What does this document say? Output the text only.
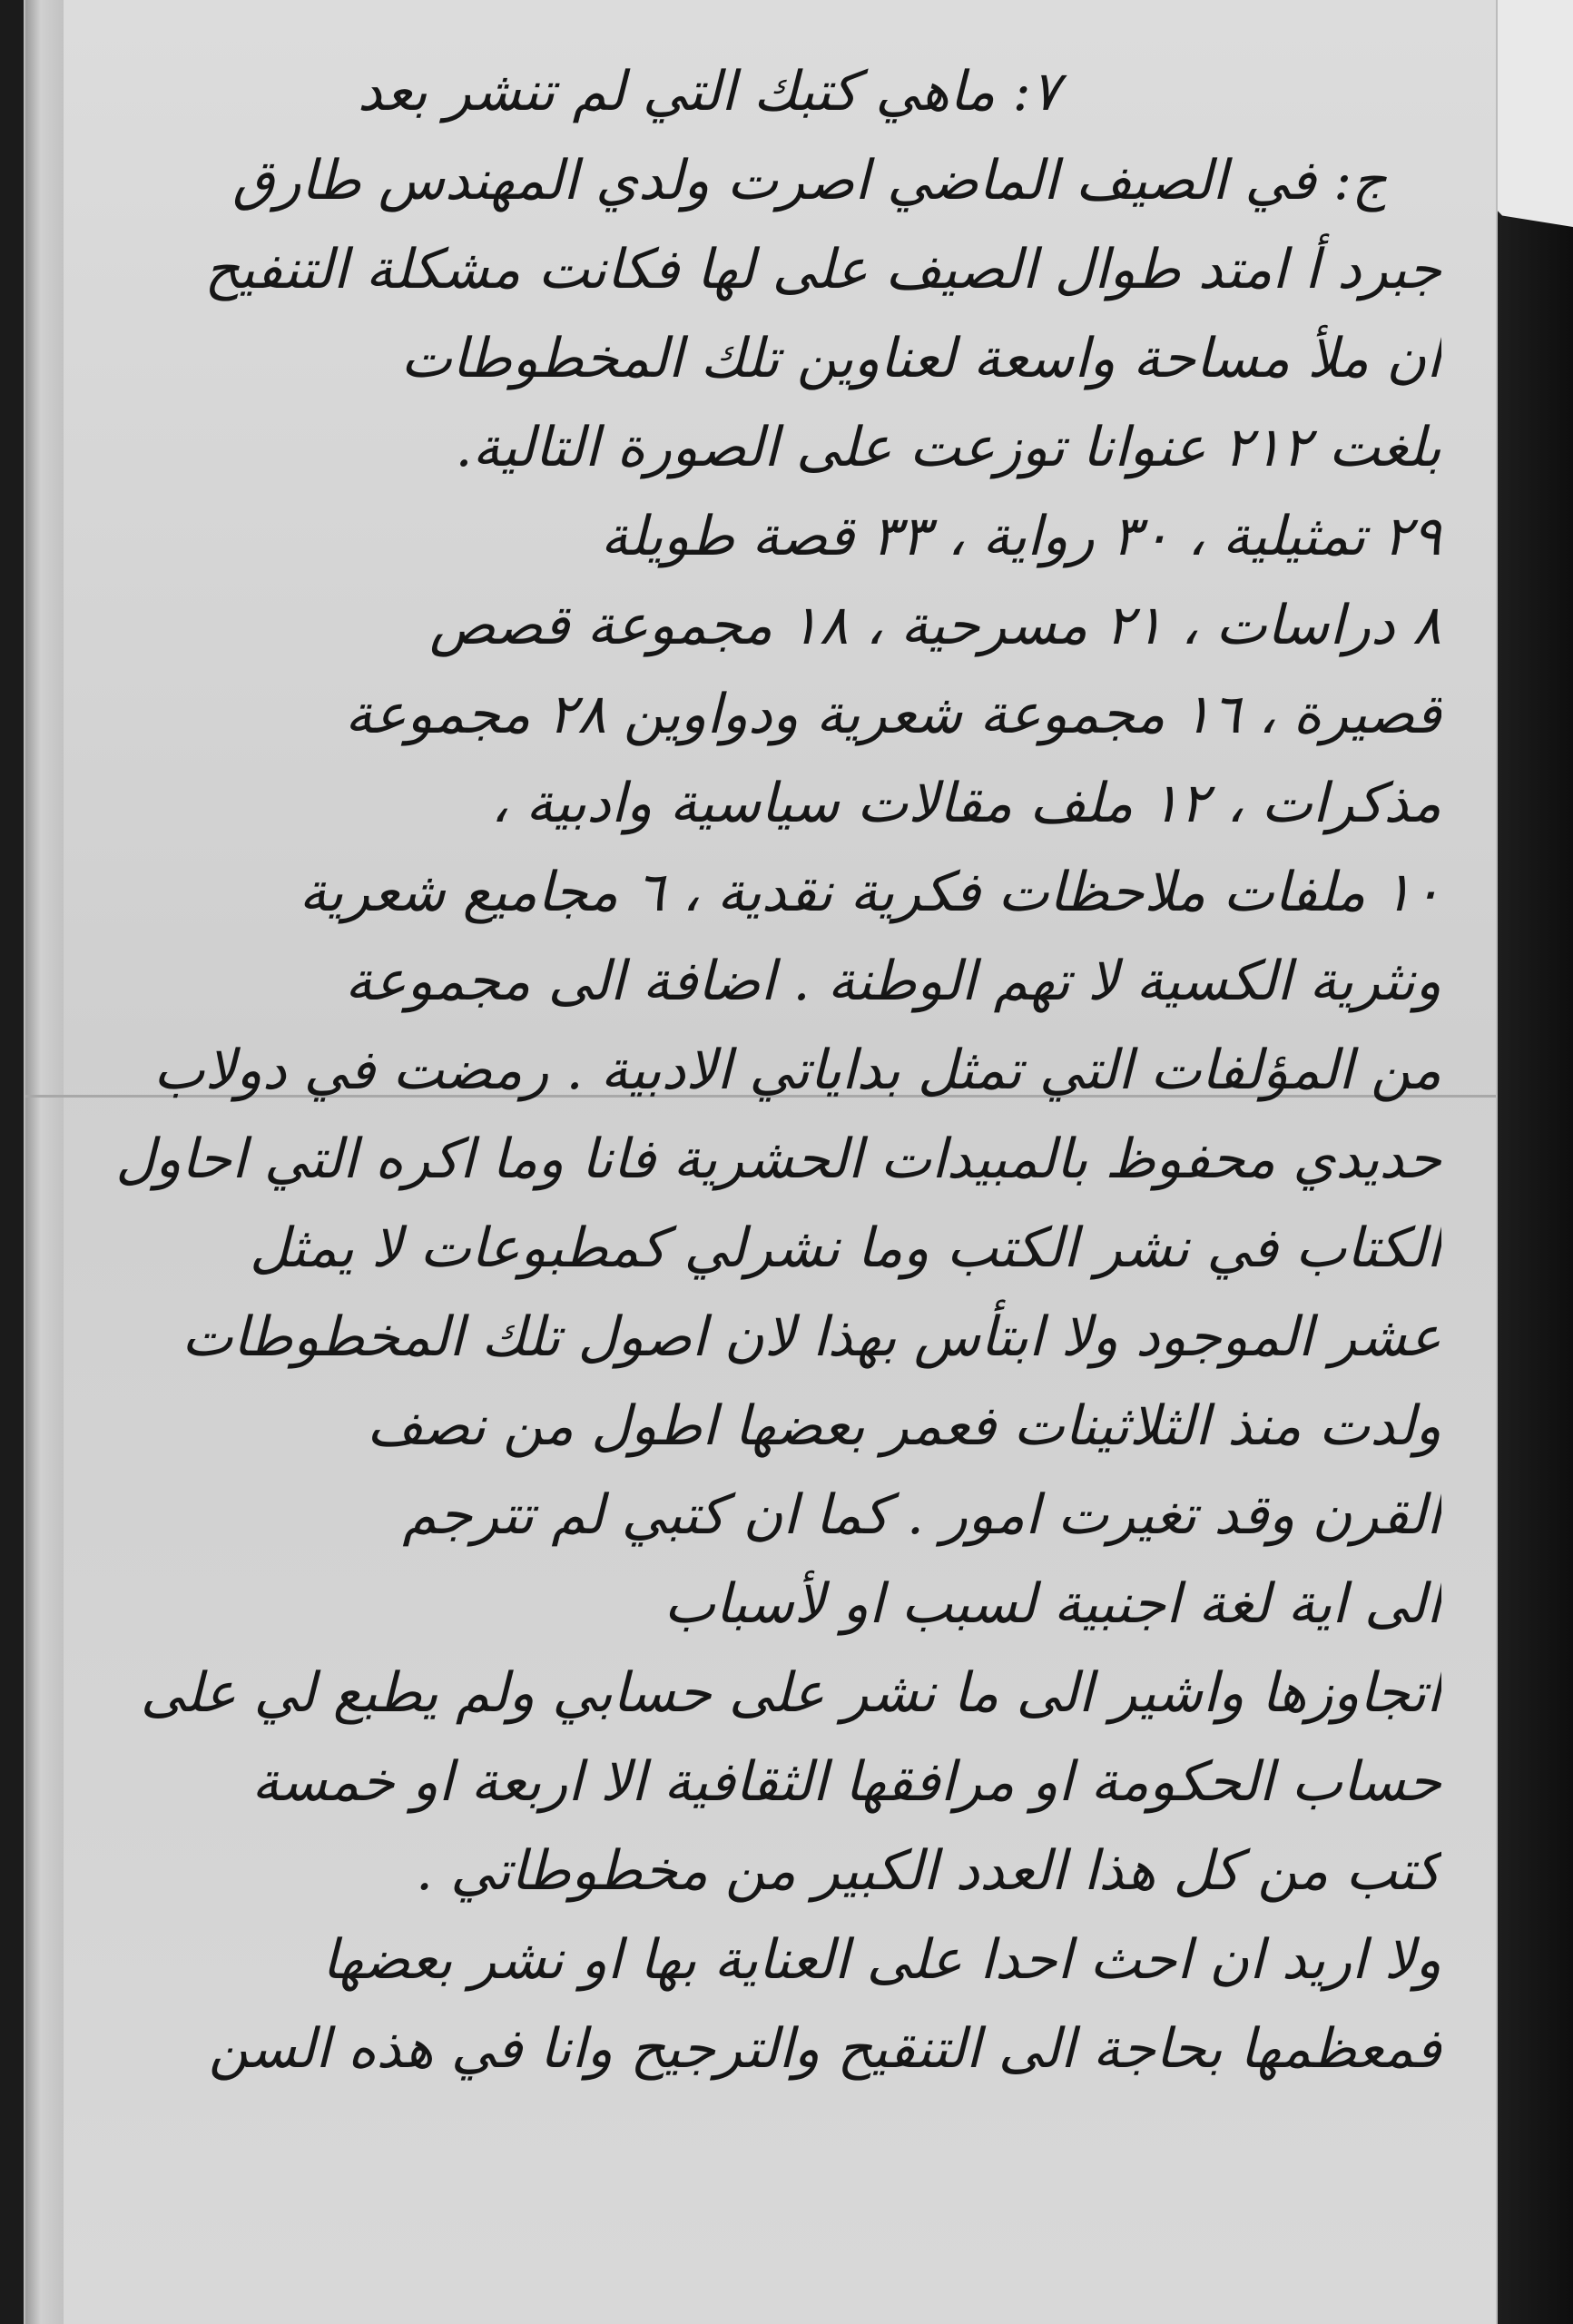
٧: ماهي كتبك التي لم تنشر بعد
ج: في الصيف الماضي اصرت ولدي المهندس طارق
جبرد أ امتد طوال الصيف على لها فكانت مشكلة التنفيح
ان ملأ مساحة واسعة لعناوين تلك المخطوطات
بلغت ٢١٢ عنوانا توزعت على الصورة التالية.
٢٩ تمثيلية ، ٣٠ رواية ، ٣٣ قصة طويلة
٨ دراسات ، ٢١ مسرحية ، ١٨ مجموعة قصص
قصيرة ، ١٦ مجموعة شعرية ودواوين ٢٨ مجموعة
مذكرات ، ١٢ ملف مقالات سياسية وادبية ،
١٠ ملفات ملاحظات فكرية نقدية ، ٦ مجاميع شعرية
ونثرية الكسية لا تهم الوطنة . اضافة الى مجموعة
من المؤلفات التي تمثل بداياتي الادبية . رمضت في دولاب
حديدي محفوظ بالمبيدات الحشرية فانا وما اكره التي احاول
الكتاب في نشر الكتب وما نشرلي كمطبوعات لا يمثل
عشر الموجود ولا ابتأس بهذا لان اصول تلك المخطوطات
ولدت منذ الثلاثينات فعمر بعضها اطول من نصف
القرن وقد تغيرت امور . كما ان كتبي لم تترجم
الى اية لغة اجنبية لسبب او لأسباب
اتجاوزها واشير الى ما نشر على حسابي ولم يطبع لي على
حساب الحكومة او مرافقها الثقافية الا اربعة او خمسة
كتب من كل هذا العدد الكبير من مخطوطاتي .
ولا اريد ان احث احدا على العناية بها او نشر بعضها
فمعظمها بحاجة الى التنقيح والترجيح وانا في هذه السن
